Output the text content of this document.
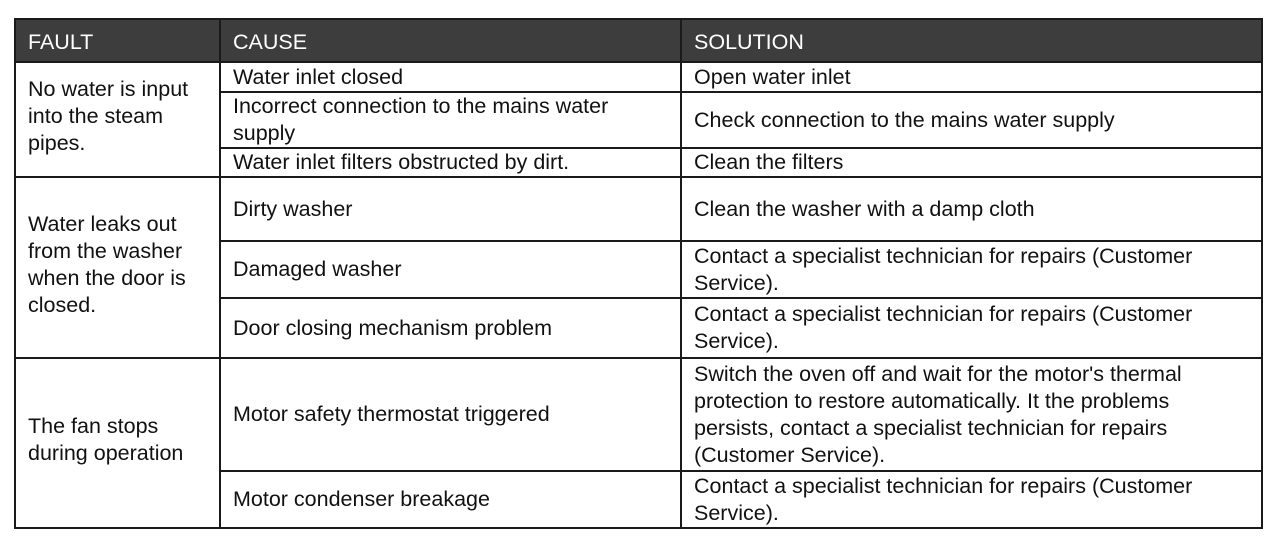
FAULT	CAUSE	SOLUTION
No water is input into the steam pipes.	Water inlet closed	Open water inlet
	Incorrect connection to the mains water supply	Check connection to the mains water supply
	Water inlet filters obstructed by dirt.	Clean the filters
Water leaks out from the washer when the door is closed.	Dirty washer	Clean the washer with a damp cloth
	Damaged washer	Contact a specialist technician for repairs (Customer Service).
	Door closing mechanism problem	Contact a specialist technician for repairs (Customer Service).
The fan stops during operation	Motor safety thermostat triggered	Switch the oven off and wait for the motor's thermal protection to restore automatically. It the problems persists, contact a specialist technician for repairs (Customer Service).
	Motor condenser breakage	Contact a specialist technician for repairs (Customer Service).
